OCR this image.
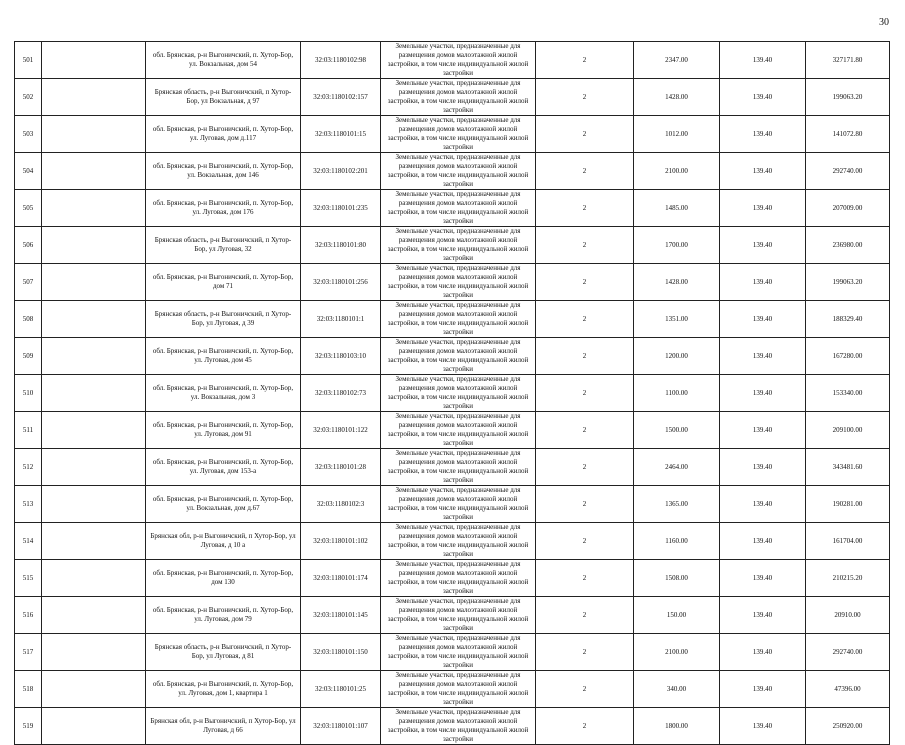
30
501		обл. Брянская, р-н Выгоничский, п. Хутор-Бор, ул. Вокзальная, дом 54	32:03:1180102:98	Земельные участки, предназначенные для размещения домов малоэтажной жилой застройки, в том числе индивидуальной жилой застройки	2	2347.00	139.40	327171.80
502		Брянская область, р-н Выгоничский, п Хутор-Бор, ул Вокзальная, д 97	32:03:1180102:157	Земельные участки, предназначенные для размещения домов малоэтажной жилой застройки, в том числе индивидуальной жилой застройки	2	1428.00	139.40	199063.20
503		обл. Брянская, р-н Выгоничский, п. Хутор-Бор, ул. Луговая, дом д.117	32:03:1180101:15	Земельные участки, предназначенные для размещения домов малоэтажной жилой застройки, в том числе индивидуальной жилой застройки	2	1012.00	139.40	141072.80
504		обл. Брянская, р-н Выгоничский, п. Хутор-Бор, ул. Вокзальная, дом 146	32:03:1180102:201	Земельные участки, предназначенные для размещения домов малоэтажной жилой застройки, в том числе индивидуальной жилой застройки	2	2100.00	139.40	292740.00
505		обл. Брянская, р-н Выгоничский, п. Хутор-Бор, ул. Луговая, дом 176	32:03:1180101:235	Земельные участки, предназначенные для размещения домов малоэтажной жилой застройки, в том числе индивидуальной жилой застройки	2	1485.00	139.40	207009.00
506		Брянская область, р-н Выгоничский, п Хутор-Бор, ул Луговая, 32	32:03:1180101:80	Земельные участки, предназначенные для размещения домов малоэтажной жилой застройки, в том числе индивидуальной жилой застройки	2	1700.00	139.40	236980.00
507		обл. Брянская, р-н Выгоничский, п. Хутор-Бор, дом 71	32:03:1180101:256	Земельные участки, предназначенные для размещения домов малоэтажной жилой застройки, в том числе индивидуальной жилой застройки	2	1428.00	139.40	199063.20
508		Брянская область, р-н Выгоничский, п Хутор-Бор, ул Луговая, д 39	32:03:1180101:1	Земельные участки, предназначенные для размещения домов малоэтажной жилой застройки, в том числе индивидуальной жилой застройки	2	1351.00	139.40	188329.40
509		обл. Брянская, р-н Выгоничский, п. Хутор-Бор, ул. Луговая, дом 45	32:03:1180103:10	Земельные участки, предназначенные для размещения домов малоэтажной жилой застройки, в том числе индивидуальной жилой застройки	2	1200.00	139.40	167280.00
510		обл. Брянская, р-н Выгоничский, п. Хутор-Бор, ул. Вокзальная, дом 3	32:03:1180102:73	Земельные участки, предназначенные для размещения домов малоэтажной жилой застройки, в том числе индивидуальной жилой застройки	2	1100.00	139.40	153340.00
511		обл. Брянская, р-н Выгоничский, п. Хутор-Бор, ул. Луговая, дом 91	32:03:1180101:122	Земельные участки, предназначенные для размещения домов малоэтажной жилой застройки, в том числе индивидуальной жилой застройки	2	1500.00	139.40	209100.00
512		обл. Брянская, р-н Выгоничский, п. Хутор-Бор, ул. Луговая, дом 153-а	32:03:1180101:28	Земельные участки, предназначенные для размещения домов малоэтажной жилой застройки, в том числе индивидуальной жилой застройки	2	2464.00	139.40	343481.60
513		обл. Брянская, р-н Выгоничский, п. Хутор-Бор, ул. Вокзальная, дом д.67	32:03:1180102:3	Земельные участки, предназначенные для размещения домов малоэтажной жилой застройки, в том числе индивидуальной жилой застройки	2	1365.00	139.40	190281.00
514		Брянская обл, р-н Выгоничский, п Хутор-Бор, ул Луговая, д 10 а	32:03:1180101:102	Земельные участки, предназначенные для размещения домов малоэтажной жилой застройки, в том числе индивидуальной жилой застройки	2	1160.00	139.40	161704.00
515		обл. Брянская, р-н Выгоничский, п. Хутор-Бор, дом 130	32:03:1180101:174	Земельные участки, предназначенные для размещения домов малоэтажной жилой застройки, в том числе индивидуальной жилой застройки	2	1508.00	139.40	210215.20
516		обл. Брянская, р-н Выгоничский, п. Хутор-Бор, ул. Луговая, дом 79	32:03:1180101:145	Земельные участки, предназначенные для размещения домов малоэтажной жилой застройки, в том числе индивидуальной жилой застройки	2	150.00	139.40	20910.00
517		Брянская область, р-н Выгоничский, п Хутор-Бор, ул Луговая, д 81	32:03:1180101:150	Земельные участки, предназначенные для размещения домов малоэтажной жилой застройки, в том числе индивидуальной жилой застройки	2	2100.00	139.40	292740.00
518		обл. Брянская, р-н Выгоничский, п. Хутор-Бор, ул. Луговая, дом 1, квартира 1	32:03:1180101:25	Земельные участки, предназначенные для размещения домов малоэтажной жилой застройки, в том числе индивидуальной жилой застройки	2	340.00	139.40	47396.00
519		Брянская обл, р-н Выгоничский, п Хутор-Бор, ул Луговая, д 66	32:03:1180101:107	Земельные участки, предназначенные для размещения домов малоэтажной жилой застройки, в том числе индивидуальной жилой застройки	2	1800.00	139.40	250920.00
